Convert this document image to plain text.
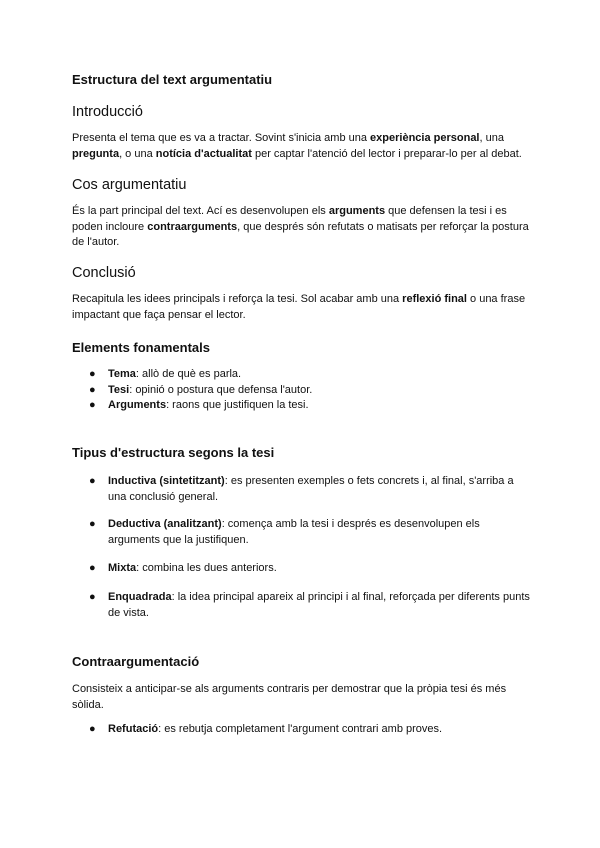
Estructura del text argumentatiu
Introducció
Presenta el tema que es va a tractar. Sovint s'inicia amb una experiència personal, una
pregunta, o una notícia d'actualitat per captar l'atenció del lector i preparar-lo per al debat.
Cos argumentatiu
És la part principal del text. Ací es desenvolupen els arguments que defensen la tesi i es poden incloure contraarguments, que després són refutats o matisats per reforçar la postura de l'autor.
Conclusió
Recapitula les idees principals i reforça la tesi. Sol acabar amb una reflexió final o una frase impactant que faça pensar el lector.
Elements fonamentals
● Tema: allò de què es parla.
● Tesi: opinió o postura que defensa l'autor.
● Arguments: raons que justifiquen la tesi.
Tipus d'estructura segons la tesi
● Inductiva (sintetitzant): es presenten exemples o fets concrets i, al final, s'arriba a una conclusió general.
● Deductiva (analitzant): comença amb la tesi i després es desenvolupen els arguments que la justifiquen.
● Mixta: combina les dues anteriors.
● Enquadrada: la idea principal apareix al principi i al final, reforçada per diferents punts de vista.
Contraargumentació
Consisteix a anticipar-se als arguments contraris per demostrar que la pròpia tesi és més sòlida.
● Refutació: es rebutja completament l'argument contrari amb proves.
